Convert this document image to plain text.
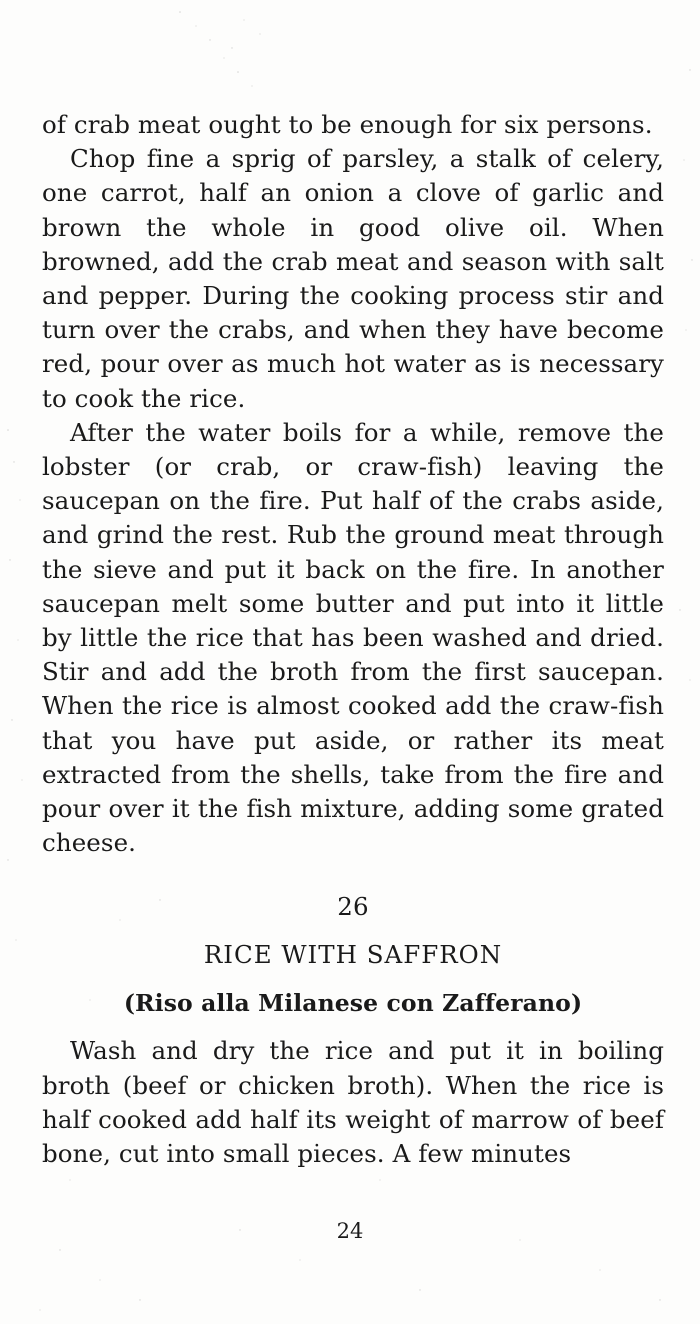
of crab meat ought to be enough for six persons.

Chop fine a sprig of parsley, a stalk of celery, one carrot, half an onion a clove of garlic and brown the whole in good olive oil. When browned, add the crab meat and season with salt and pepper. During the cooking process stir and turn over the crabs, and when they have become red, pour over as much hot water as is necessary to cook the rice.

After the water boils for a while, remove the lobster (or crab, or craw-fish) leaving the saucepan on the fire. Put half of the crabs aside, and grind the rest. Rub the ground meat through the sieve and put it back on the fire. In another saucepan melt some butter and put into it little by little the rice that has been washed and dried. Stir and add the broth from the first saucepan. When the rice is almost cooked add the craw-fish that you have put aside, or rather its meat extracted from the shells, take from the fire and pour over it the fish mixture, adding some grated cheese.

26
RICE WITH SAFFRON
(Riso alla Milanese con Zafferano)

Wash and dry the rice and put it in boiling broth (beef or chicken broth). When the rice is half cooked add half its weight of marrow of beef bone, cut into small pieces. A few minutes

24
